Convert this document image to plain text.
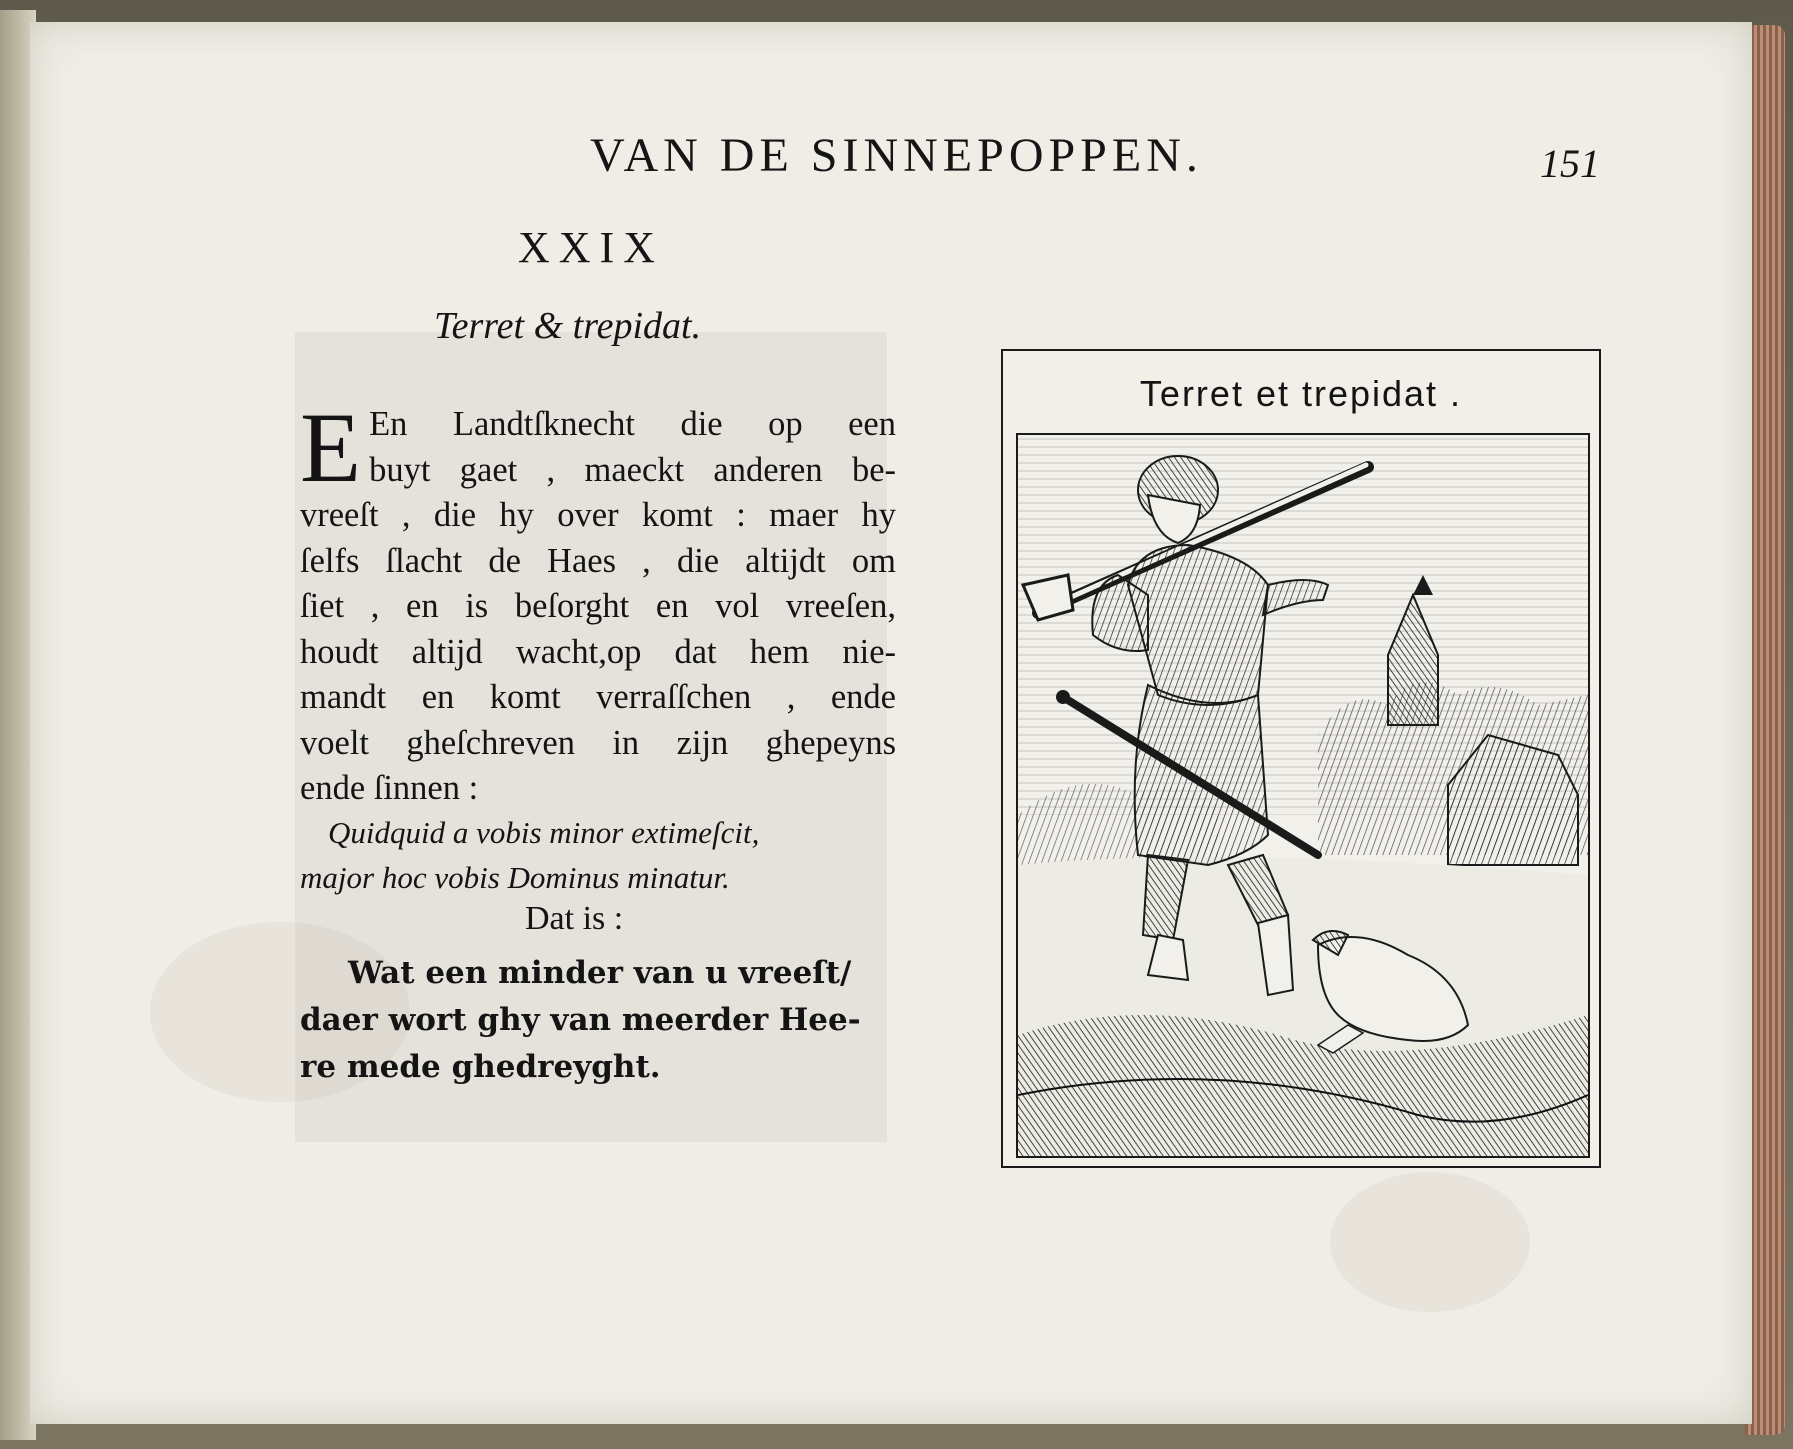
VAN DE SINNEPOPPEN.	151
XXIX
Terret & trepidat.
E En Landtſknecht die op een
buyt gaet , maeckt anderen be-
vreeſt , die hy over komt : maer hy
ſelfs ſlacht de Haes , die altijdt om
ſiet , en is beſorght en vol vreeſen,
houdt altijd wacht,op dat hem nie-
mandt en komt verraſſchen , ende
voelt gheſchreven in zijn ghepeyns
ende ſinnen :
Quidquid a vobis minor extimeſcit,
major hoc vobis Dominus minatur.
Dat is :
Wat een minder van u vreeſt/
daer wort ghy van meerder Hee-
re mede ghedreyght.
Terret et trepidat .
